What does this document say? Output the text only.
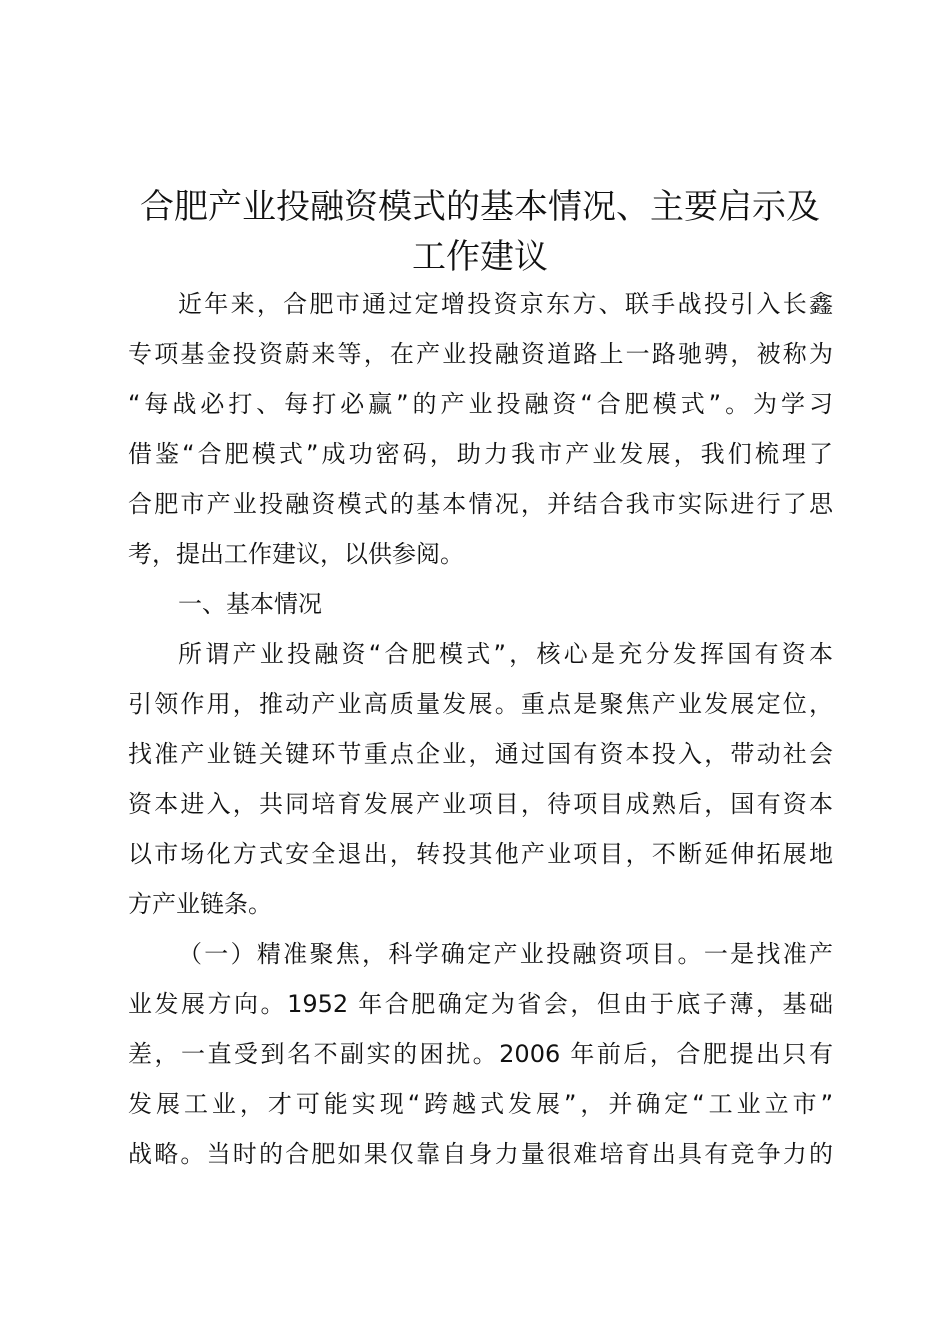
合肥产业投融资模式的基本情况、主要启示及
工作建议
近年来，合肥市通过定增投资京东方、联手战投引入长鑫
专项基金投资蔚来等，在产业投融资道路上一路驰骋，被称为
“每战必打、每打必赢”的产业投融资“合肥模式”。为学习
借鉴“合肥模式”成功密码，助力我市产业发展，我们梳理了
合肥市产业投融资模式的基本情况，并结合我市实际进行了思
考，提出工作建议，以供参阅。
一、基本情况
所谓产业投融资“合肥模式”，核心是充分发挥国有资本
引领作用，推动产业高质量发展。重点是聚焦产业发展定位，
找准产业链关键环节重点企业，通过国有资本投入，带动社会
资本进入，共同培育发展产业项目，待项目成熟后，国有资本
以市场化方式安全退出，转投其他产业项目，不断延伸拓展地
方产业链条。
（一）精准聚焦，科学确定产业投融资项目。一是找准产
业发展方向。1952 年合肥确定为省会，但由于底子薄，基础
差，一直受到名不副实的困扰。2006 年前后，合肥提出只有
发展工业，才可能实现“跨越式发展”，并确定“工业立市”
战略。当时的合肥如果仅靠自身力量很难培育出具有竞争力的
